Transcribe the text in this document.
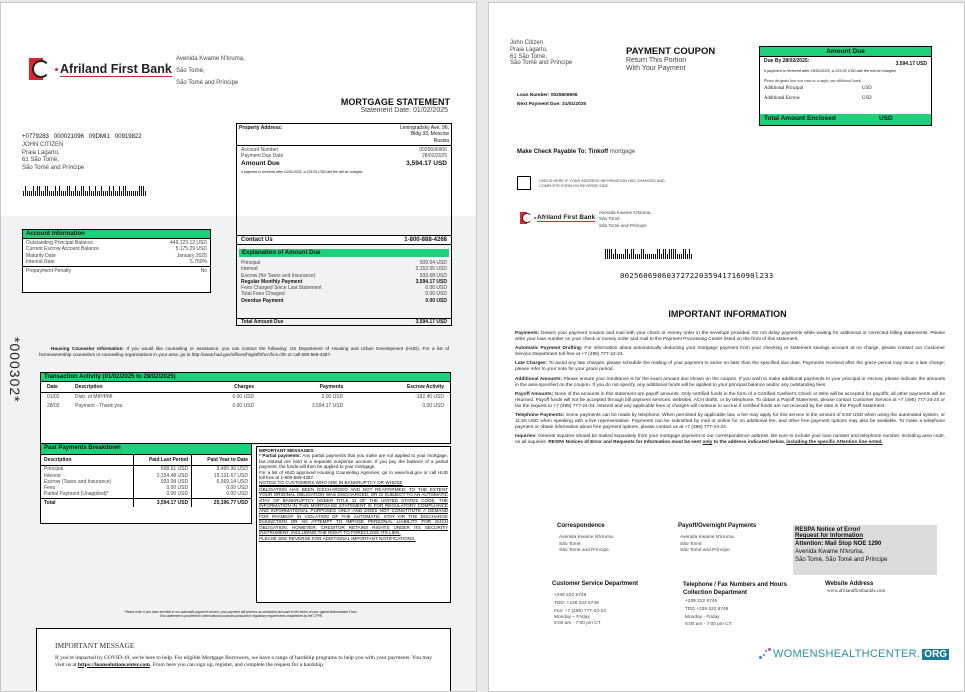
Afriland First Bank
Avenida Kwame N'kruma,
São Tomé,
São Tomé and Príncipe
MORTGAGE STATEMENT
Statement Date: 01/02/2025
+0779283   000021096   09DMI1   00919822
JOHN CITIZEN
Praia Lagarto,
61 São Tomé,
São Tomé and Príncipe
Property Address:	Leningradsky Ave, 96,
Bldg 33, Moscow
Russia
Account Number	0025606906
Payment Due Date	28/02/2025
Amount Due	3,594.17 USD
If payment is received after 01/01/2025, a 133.05 USD late fee will be charged.
Contact Us	1-800-888-4268
Explanation of Amount Due
Principal	509.04 USD
Interest	2,152.05 USD
Escrow (for Taxes and Insurance)	933.08 USD
Regular Monthly Payment	3,594.17 USD
Fees Charged Since Last Statement	0.00 USD
Total Fees Charged	0.00 USD
Overdue Payment	0.00 USD
Total Amount Due	3,594.17 USD
Account Information
Outstanding Principal Balance	449,123.12 USD
Current Escrow Account Balance	5,175.29 USD
Maturity Date	January 2025
Interest Rate	5.750%
Prepayment Penalty	No
*000302*	Housing Counselor Information: If you would like counseling or assistance, you can contact the following: US Department of Housing and Urban Development (HUD). For a list of homeownership counselors or counseling organizations in your area, go to http://www.hud.gov/offices/hsg/sfh/hcc/hcs.cfm or call 800-569-4287.
Transaction Activity (01/02/2025 to 28/02/2025)
Date	Description	Charges	Payments	Escrow Activity
01/02	Disb. of MIP/PMI	0.00 USD	0.00 USD	-182.40 USD
28/02	Payment - Thank you	0.00 USD	3,594.17 USD	0.00 USD
Past Payments Breakdown
Description	Paid Last Period	Paid Year to Date
Principal	508.61 USD	3,495.96 USD
Interest	2,154.48 USD	15,131.67 USD
Escrow (Taxes and Insurance)	933.08 USD	6,569.14 USD
Fees	0.00 USD	0.00 USD
Partial Payment (Unapplied)*	0.00 USD	0.00 USD
Total	3,594.17 USD	25,196.77 USD
IMPORTANT MESSAGES:
* Partial payments: Any partial payments that you make are not applied to your mortgage, but instead are held in a separate suspense account. If you pay the balance of a partial payment, the funds will then be applied to your mortgage.
For a list of HUD approved Housing Counseling Agencies, go to www.hud.gov or call HUD toll free at 1-800-569-4287.
NOTICE TO CUSTOMERS WHO ARE IN BANKRUPTCY OR WHOSE
OBLIGATION HAS BEEN DISCHARGED AND NOT REAFFIRMED: TO THE EXTENT YOUR ORIGINAL OBLIGATION WAS DISCHARGED, OR IS SUBJECT TO AN AUTOMATIC STAY OF BANKRUPTCY UNDER TITLE 11 OF THE UNITED STATES CODE, THE INFORMATION IN THIS MORTGAGE STATEMENT IS FOR REGULATORY COMPLIANCE AND INFORMATIONAL PURPOSES ONLY AND DOES NOT CONSTITUTE A DEMAND FOR PAYMENT IN VIOLATION OF THE AUTOMATIC STAY OR THE DISCHARGE INJUNCTION OR AN ATTEMPT TO IMPOSE PERSONAL LIABILITY FOR SUCH OBLIGATION. HOWEVER, CREDITOR RETAINS RIGHTS UNDER ITS SECURITY INSTRUMENT, INCLUDING THE RIGHT TO FORECLOSE ITS LIEN.
PLEASE SEE REVERSE FOR ADDITIONAL IMPORTANT NOTIFICATIONS.
Please note: If you have enrolled in our automatic payment service, your payment will process as scheduled pursuant to the terms of your signed Authorization Form.
This statement is provided for informational purposes pursuant to regulatory requirements established by the CFPB.
IMPORTANT MESSAGE
If you're impacted by COVID-19, we're here to help. For eligible Mortgage Borrowers, we have a range of hardship programs to help you with your payments. You may visit us at https://loansolutioncenter.com. From here you can sign up, register, and complete the request for a hardship.
John Citizen
Praia Lagarto,
61 São Tomé,
São Tomé and Príncipe
PAYMENT COUPON
Return This Portion
With Your Payment
Loan Number: 0025606906
Next Payment Due: 31/01/2025
Amount Due
Due By 28/02/2025:	3,594.17 USD
If payment is received after 28/02/2025, a 133.05 USD late fee will be charged.
Please designate how you want us to apply any additional funds.
Additional Principal	USD
Additional Escrow	USD
Total Amount Enclosed	USD
Make Check Payable To: Tinkoff mortgage
CHECK HERE IF YOUR ADDRESS INFORMATION HAS CHANGED AND COMPLETE FORM ON REVERSE SIDE.
Afriland First Bank
Avenida Kwame N'kruma,
São Tomé,
São Tomé and Príncipe
00256069060372722035941716090l233
IMPORTANT INFORMATION

Payments: Detach your payment coupon and mail with your check or money order in the envelope provided. Do not delay payments while waiting for additional or corrected billing statements. Please write your loan number on your check or money order and mail to the Payment Processing Center listed on the front of this statement.

Automatic Payment Drafting: For information about automatically deducting your mortgage payment from your checking or statement savings account at no charge, please contact our Customer Service Department toll-free at +7 (495) 777-24-24.

Late Charges: To avoid any late charges, please schedule the mailing of your payment to arrive no later than the specified due date. Payments received after the grace period may incur a late charge; please refer to your note for your grace period.

Additional Amounts: Please ensure your remittance is for the exact amount due shown on the coupon. If you wish to make additional payments to your principal or escrow, please indicate the amounts in the area specified on the coupon. If you do not specify, any additional funds will be applied to your principal balance and/or any outstanding fees.

Payoff Amounts: None of the amounts in this statement are payoff amounts. Only certified funds in the form of a Certified Cashier's Check or Wire will be accepted for payoffs; all other payments will be returned. Payoff funds will not be accepted through bill payment services, websites, ACH drafts, or by telephone. To obtain a Payoff Statement, please contact Customer Service at +7 (495) 777-24-24 or fax the request to +7 (495) 777-24-24. Interest and any applicable fees or charges will continue to accrue if certified funds are not received by the date in the Payoff Statement.

Telephone Payments: Some payments can be made by telephone. When permitted by applicable law, a fee may apply for this service in the amount of 9.50 USD when using the automated system, or 11.50 USD when speaking with a live representative. Payments can be submitted by mail or online for no additional fee, and other free payment options may also be available. To make a telephone payment or obtain information about free payment options, please contact us at +7 (495) 777-24-24.

Inquiries: General inquiries should be mailed separately from your mortgage payment to our correspondence address. Be sure to include your loan number and telephone number, including area code, on all inquiries. RESPA Notices of Error and Requests for Information must be sent only to the address indicated below, including the specific Attention line noted.

Correspondence
Avenida Kwame N'kruma,
São Tomé,
São Tomé and Príncipe
Payoff/Overnight Payments
Avenida Kwame N'kruma,
São Tomé,
São Tomé and Príncipe
RESPA Notice of Error/
Request for Information
Attention: Mail Stop NOE 1290
Avenida Kwame N'kruma,
São Tomé, São Tomé and Príncipe
Customer Service Department
+239 222 6749
TDD: +239 222 6749
Fax: +7 (495) 777-24-24
Monday – Friday
8:00 am - 7:00 pm CT
Telephone / Fax Numbers and Hours
Collection Department
+239 222 6749
TDD +239 222 6749
Monday - Friday
8:00 am - 7:00 pm CT
Website Address
www.afrilandfirstbankls.com
WOMENSHEALTHCENTER. ORG
